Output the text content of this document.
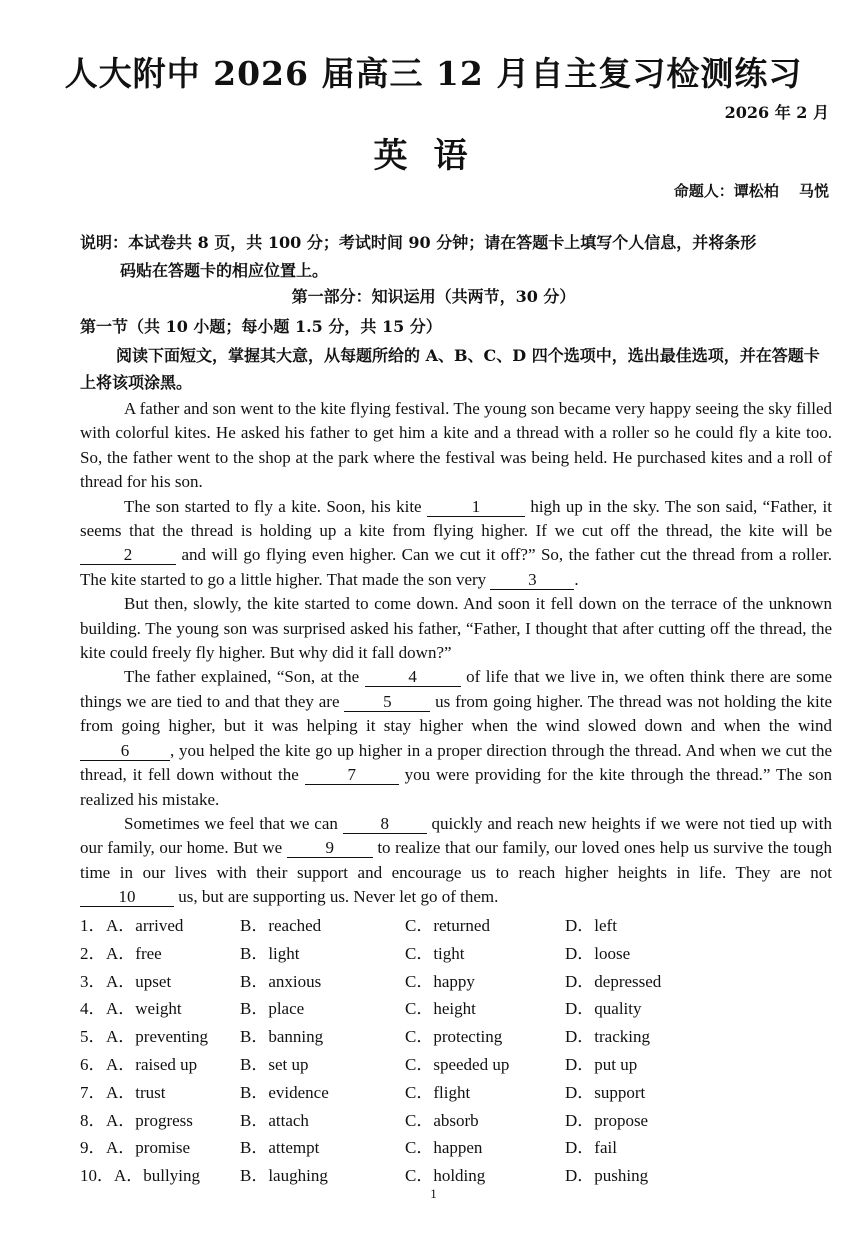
人大附中 2026 届高三 12 月自主复习检测练习
2026 年 2 月
英语
命题人：谭松柏　 马悦
说明：本试卷共 8 页，共 100 分；考试时间 90 分钟；请在答题卡上填写个人信息，并将条形
码贴在答题卡的相应位置上。
第一部分：知识运用（共两节，30 分）
第一节（共 10 小题；每小题 1.5 分，共 15 分）
阅读下面短文，掌握其大意，从每题所给的 A、B、C、D 四个选项中，选出最佳选项，并在答题卡上将该项涂黑。

A father and son went to the kite flying festival. The young son became very happy seeing the sky filled with colorful kites. He asked his father to get him a kite and a thread with a roller so he could fly a kite too. So, the father went to the shop at the park where the festival was being held. He purchased kites and a roll of thread for his son.

The son started to fly a kite. Soon, his kite	1	high up in the sky. The son said, “Father, it seems that the thread is holding up a kite from flying higher. If we cut off the thread, the kite will be 2	and will go flying even higher. Can we cut it off?” So, the father cut the thread from a roller. The kite started to go a little higher. That made the son very 3 .

But then, slowly, the kite started to come down. And soon it fell down on the terrace of the unknown building. The young son was surprised asked his father, “Father, I thought that after cutting off the thread, the kite could freely fly higher. But why did it fall down?”

The father explained, “Son, at the	4	of life that we live in, we often think there are some things we are tied to and that they are 5 us from going higher. The thread was not holding the kite from going higher, but it was helping it stay higher when the wind slowed down and when the wind 6 , you helped the kite go up higher in a proper direction through the thread. And when we cut the thread, it fell down without the	7	you were providing for the kite through the thread.” The son realized his mistake.

Sometimes we feel that we can 8 quickly and reach new heights if we were not tied up with our family, our home. But we 9 to realize that our family, our loved ones help us survive the tough time in our lives with their support and encourage us to reach higher heights in life. They are not 10 us, but are supporting us. Never let go of them.

1． A．arrived	B．reached	C．returned	D．left
2． A．free	B．light	C．tight	D．loose
3． A．upset	B．anxious	C．happy	D．depressed
4． A．weight	B．place	C．height	D．quality
5． A．preventing B．banning	C．protecting	D．tracking
6． A．raised up	B．set up	C．speeded up	D．put up
7． A．trust	B．evidence	C．flight	D．support
8． A．progress	B．attach	C．absorb	D．propose
9． A．promise	B．attempt	C．happen	D．fail
10． A．bullying B．laughing	C．holding	D．pushing
1
